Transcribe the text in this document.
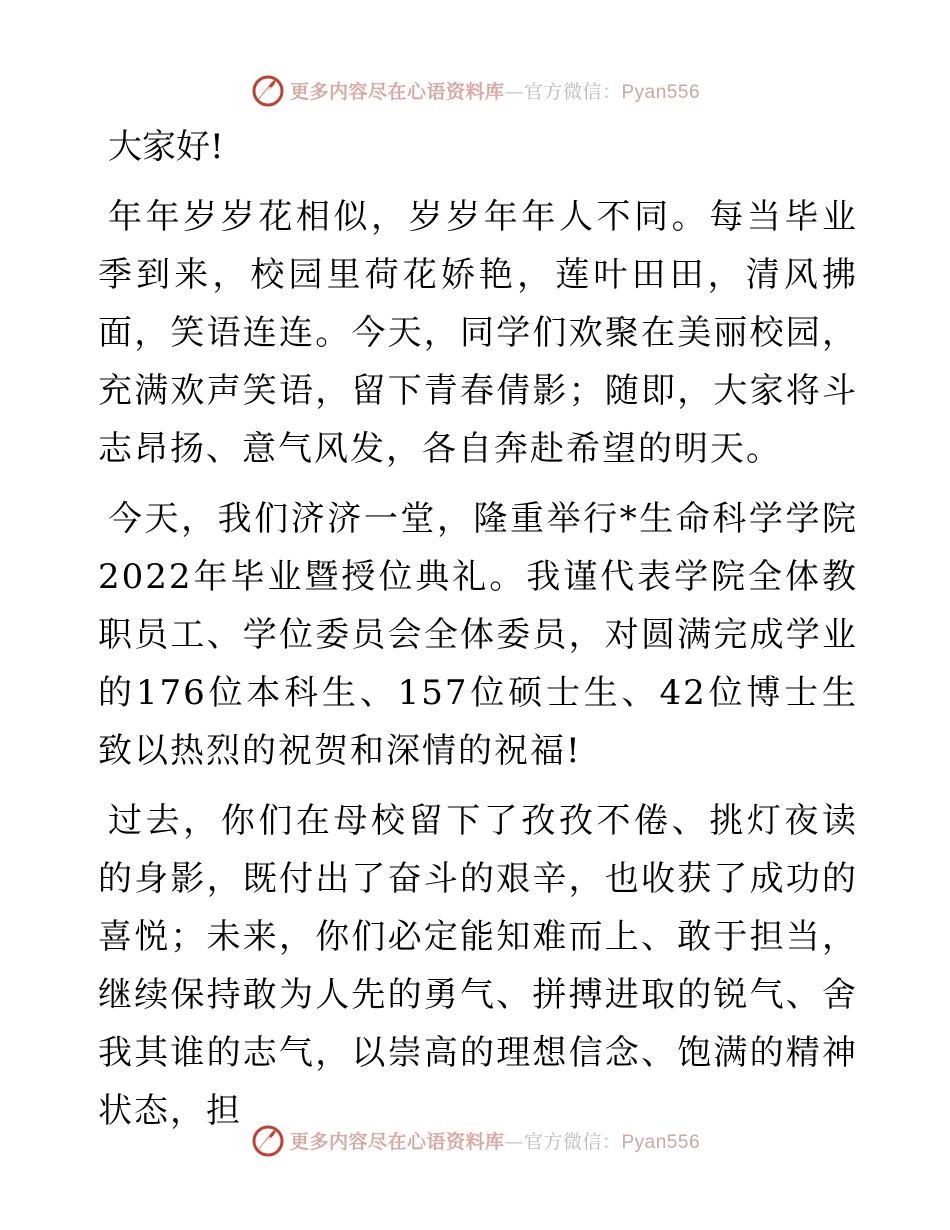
更多内容尽在心语资料库—官方微信：Pyan556

大家好!

年年岁岁花相似，岁岁年年人不同。每当毕业季到来，校园里荷花娇艳，莲叶田田，清风拂面，笑语连连。今天，同学们欢聚在美丽校园，充满欢声笑语，留下青春倩影；随即，大家将斗志昂扬、意气风发，各自奔赴希望的明天。

今天，我们济济一堂，隆重举行*生命科学学院2022年毕业暨授位典礼。我谨代表学院全体教职员工、学位委员会全体委员，对圆满完成学业的176位本科生、157位硕士生、42位博士生致以热烈的祝贺和深情的祝福!

过去，你们在母校留下了孜孜不倦、挑灯夜读的身影，既付出了奋斗的艰辛，也收获了成功的喜悦；未来，你们必定能知难而上、敢于担当，继续保持敢为人先的勇气、拼搏进取的锐气、舍我其谁的志气，以崇高的理想信念、饱满的精神状态，担

更多内容尽在心语资料库—官方微信：Pyan556
